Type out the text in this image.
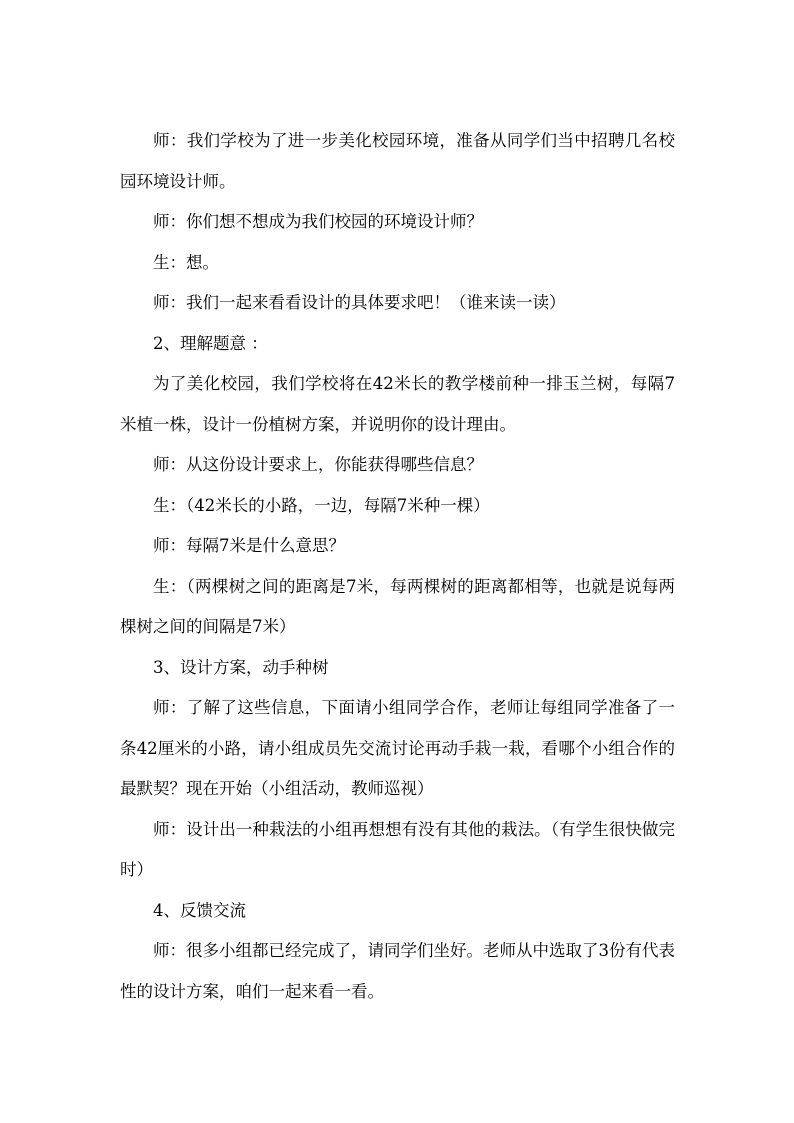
师：我们学校为了进一步美化校园环境，准备从同学们当中招聘几名校园环境设计师。

师：你们想不想成为我们校园的环境设计师？

生：想。

师：我们一起来看看设计的具体要求吧！（谁来读一读）

2、理解题意 ：

为了美化校园，我们学校将在42米长的教学楼前种一排玉兰树，每隔7米植一株，设计一份植树方案，并说明你的设计理由。

师：从这份设计要求上，你能获得哪些信息？

生：（42米长的小路，一边，每隔7米种一棵）

师：每隔7米是什么意思？

生：（两棵树之间的距离是7米，每两棵树的距离都相等，也就是说每两棵树之间的间隔是7米）

3、设计方案，动手种树

师：了解了这些信息，下面请小组同学合作，老师让每组同学准备了一条42厘米的小路，请小组成员先交流讨论再动手栽一栽，看哪个小组合作的最默契？现在开始（小组活动，教师巡视）

师：设计出一种栽法的小组再想想有没有其他的栽法。（有学生很快做完时）

4、反馈交流

师：很多小组都已经完成了，请同学们坐好。老师从中选取了3份有代表性的设计方案，咱们一起来看一看。
